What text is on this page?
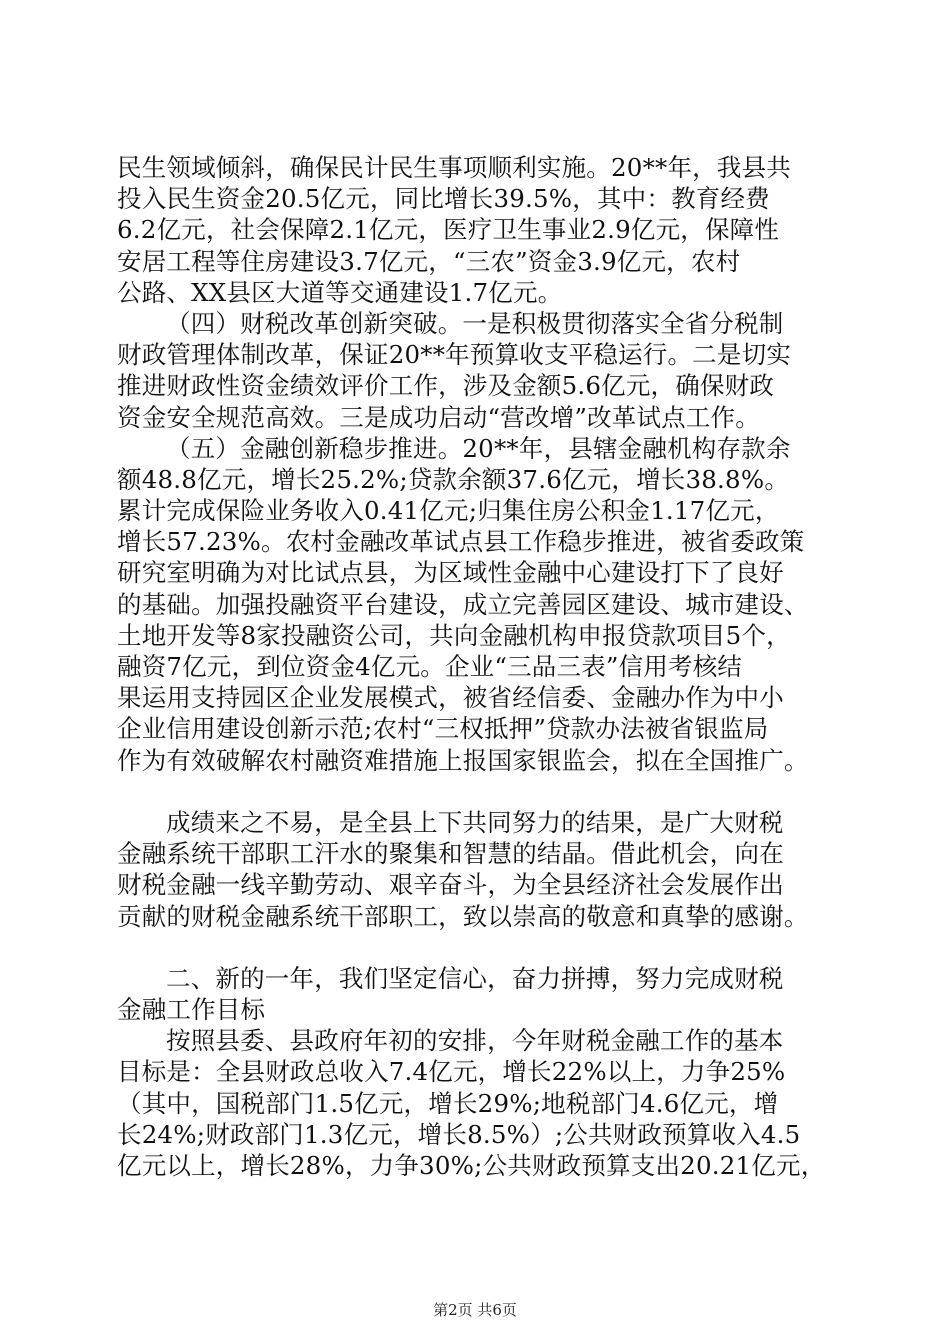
民生领域倾斜，确保民计民生事项顺利实施。20**年，我县共
投入民生资金20.5亿元，同比增长39.5%，其中：教育经费
6.2亿元，社会保障2.1亿元，医疗卫生事业2.9亿元，保障性
安居工程等住房建设3.7亿元，“三农”资金3.9亿元，农村
公路、XX县区大道等交通建设1.7亿元。
（四）财税改革创新突破。一是积极贯彻落实全省分税制
财政管理体制改革，保证20**年预算收支平稳运行。二是切实
推进财政性资金绩效评价工作，涉及金额5.6亿元，确保财政
资金安全规范高效。三是成功启动“营改增”改革试点工作。
（五）金融创新稳步推进。20**年，县辖金融机构存款余
额48.8亿元，增长25.2%;贷款余额37.6亿元，增长38.8%。
累计完成保险业务收入0.41亿元;归集住房公积金1.17亿元，
增长57.23%。农村金融改革试点县工作稳步推进，被省委政策
研究室明确为对比试点县，为区域性金融中心建设打下了良好
的基础。加强投融资平台建设，成立完善园区建设、城市建设、
土地开发等8家投融资公司，共向金融机构申报贷款项目5个，
融资7亿元，到位资金4亿元。企业“三品三表”信用考核结
果运用支持园区企业发展模式，被省经信委、金融办作为中小
企业信用建设创新示范;农村“三权抵押”贷款办法被省银监局
作为有效破解农村融资难措施上报国家银监会，拟在全国推广。
成绩来之不易，是全县上下共同努力的结果，是广大财税
金融系统干部职工汗水的聚集和智慧的结晶。借此机会，向在
财税金融一线辛勤劳动、艰辛奋斗，为全县经济社会发展作出
贡献的财税金融系统干部职工，致以崇高的敬意和真挚的感谢。
二、新的一年，我们坚定信心，奋力拼搏，努力完成财税
金融工作目标
按照县委、县政府年初的安排，今年财税金融工作的基本
目标是：全县财政总收入7.4亿元，增长22%以上，力争25%
（其中，国税部门1.5亿元，增长29%;地税部门4.6亿元，增
长24%;财政部门1.3亿元，增长8.5%）;公共财政预算收入4.5
亿元以上，增长28%，力争30%;公共财政预算支出20.21亿元，
第2页 共6页
